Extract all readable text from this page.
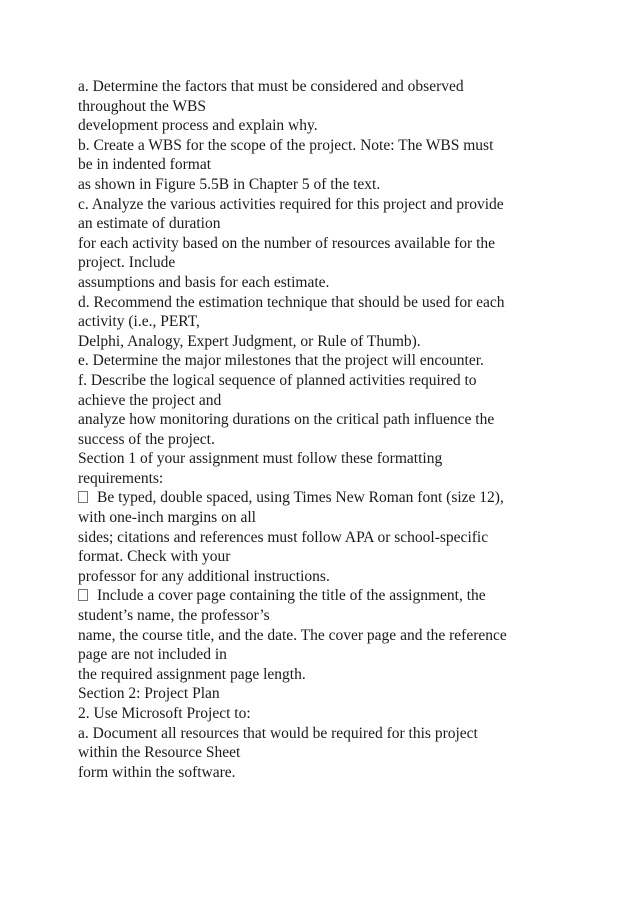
a. Determine the factors that must be considered and observed
throughout the WBS
development process and explain why.
b. Create a WBS for the scope of the project. Note: The WBS must
be in indented format
as shown in Figure 5.5B in Chapter 5 of the text.
c. Analyze the various activities required for this project and provide
an estimate of duration
for each activity based on the number of resources available for the
project. Include
assumptions and basis for each estimate.
d. Recommend the estimation technique that should be used for each
activity (i.e., PERT,
Delphi, Analogy, Expert Judgment, or Rule of Thumb).
e. Determine the major milestones that the project will encounter.
f. Describe the logical sequence of planned activities required to
achieve the project and
analyze how monitoring durations on the critical path influence the
success of the project.
Section 1 of your assignment must follow these formatting
requirements:
Be typed, double spaced, using Times New Roman font (size 12),
with one-inch margins on all
sides; citations and references must follow APA or school-specific
format. Check with your
professor for any additional instructions.
Include a cover page containing the title of the assignment, the
student’s name, the professor’s
name, the course title, and the date. The cover page and the reference
page are not included in
the required assignment page length.
Section 2: Project Plan
2. Use Microsoft Project to:
a. Document all resources that would be required for this project
within the Resource Sheet
form within the software.
